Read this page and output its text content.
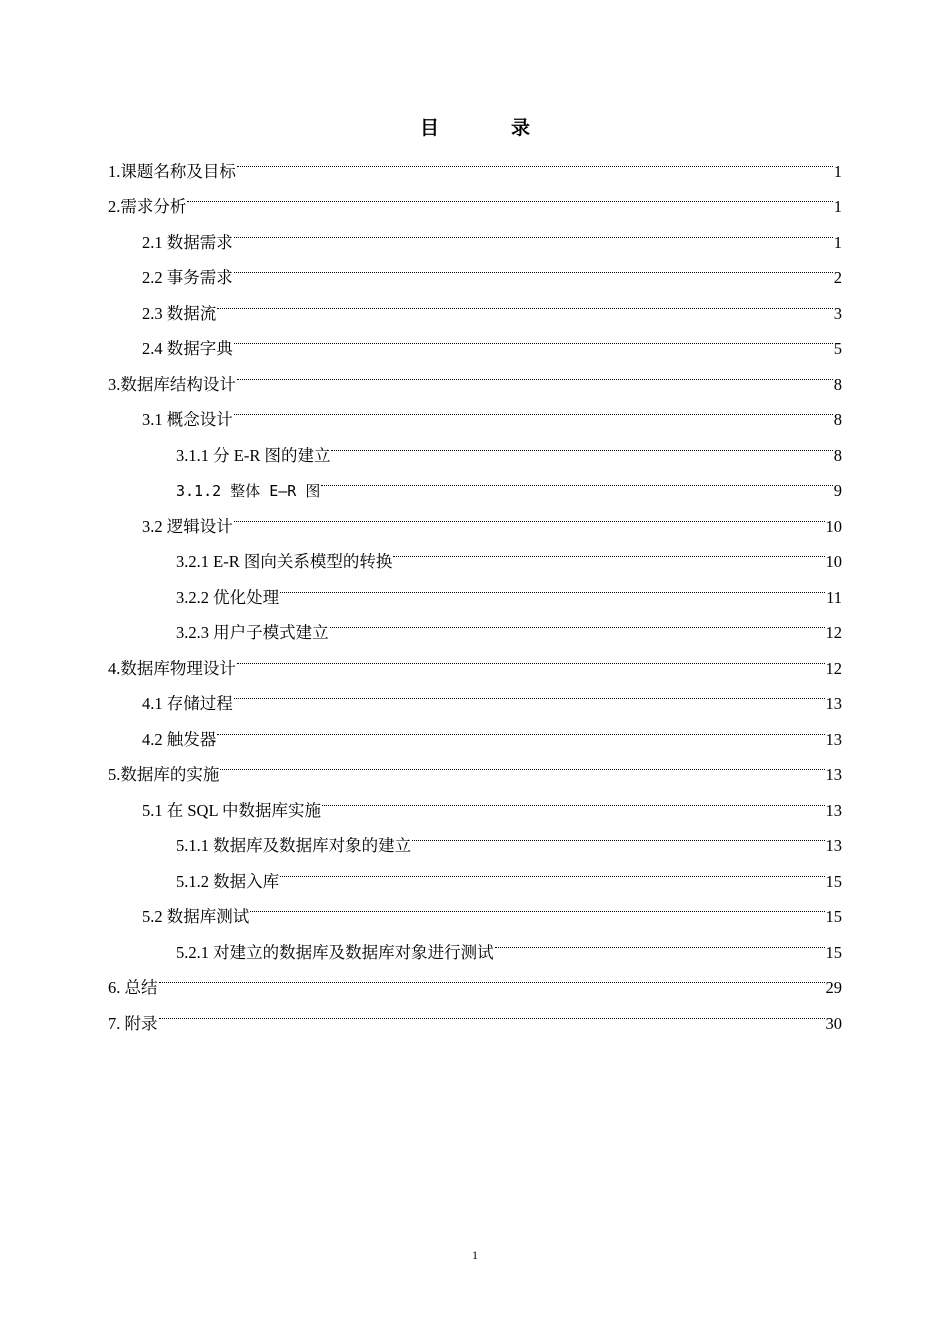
目	录
1.课题名称及目标	1
2.需求分析	1
2.1 数据需求	1
2.2 事务需求	2
2.3 数据流	3
2.4 数据字典	5
3.数据库结构设计	8
3.1 概念设计	8
3.1.1 分 E-R 图的建立	8
3.1.2 整体 E–R 图	9
3.2 逻辑设计	10
3.2.1 E-R 图向关系模型的转换	10
3.2.2 优化处理	11
3.2.3 用户子模式建立	12
4.数据库物理设计	12
4.1 存储过程	13
4.2 触发器	13
5.数据库的实施	13
5.1 在 SQL 中数据库实施	13
5.1.1 数据库及数据库对象的建立	13
5.1.2 数据入库	15
5.2 数据库测试	15
5.2.1 对建立的数据库及数据库对象进行测试	15
6. 总结	29
7. 附录	30
1
